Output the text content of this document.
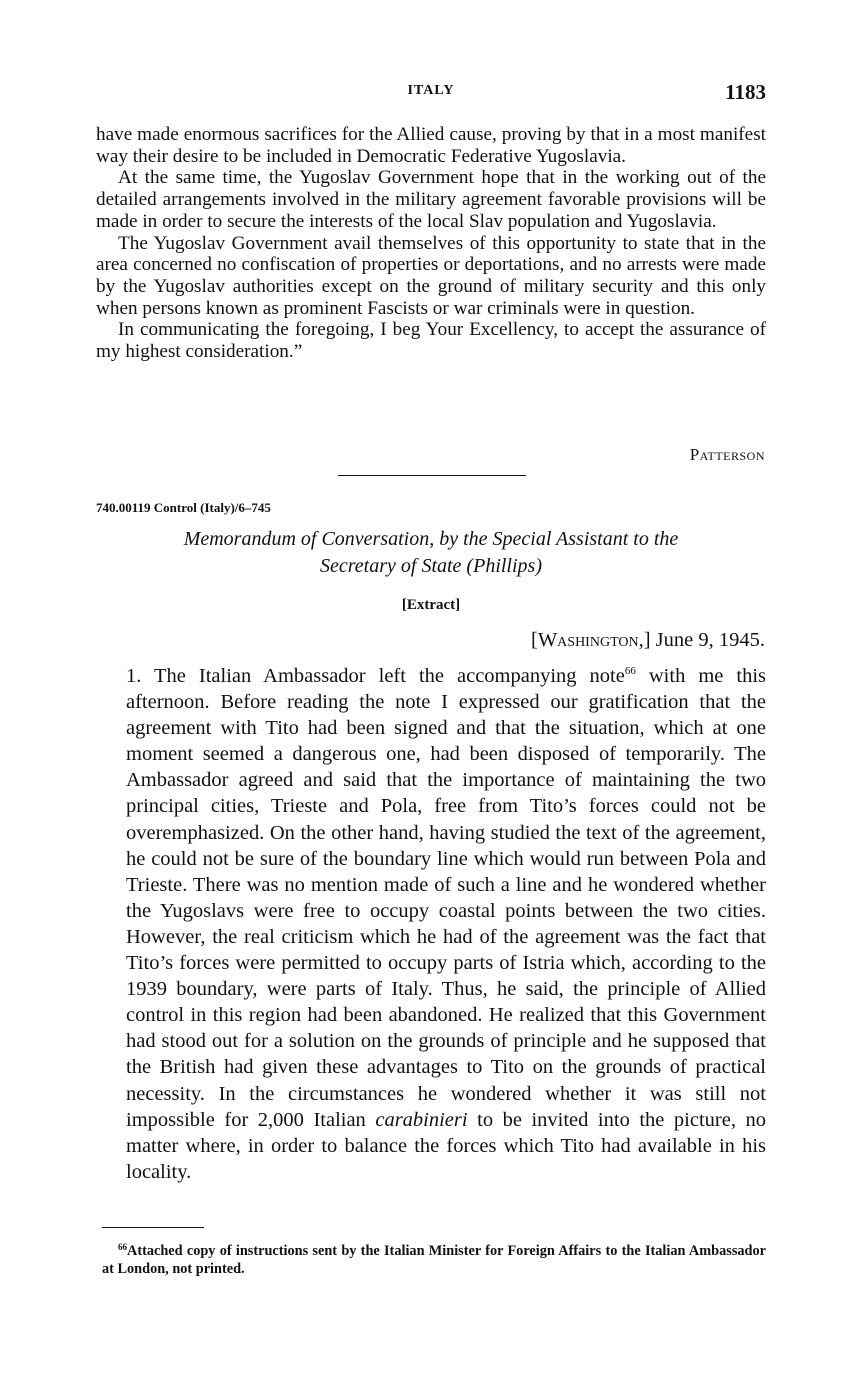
ITALY	1183

have made enormous sacrifices for the Allied cause, proving by that in a most manifest way their desire to be included in Democratic Federative Yugoslavia.

At the same time, the Yugoslav Government hope that in the working out of the detailed arrangements involved in the military agreement favorable provisions will be made in order to secure the interests of the local Slav population and Yugoslavia.

The Yugoslav Government avail themselves of this opportunity to state that in the area concerned no confiscation of properties or deportations, and no arrests were made by the Yugoslav authorities except on the ground of military security and this only when persons known as prominent Fascists or war criminals were in question.

In communicating the foregoing, I beg Your Excellency, to accept the assurance of my highest consideration.”

Patterson
740.00119 Control (Italy)/6–745
Memorandum of Conversation, by the Special Assistant to the
Secretary of State (Phillips)
[Extract]
[Washington,] June 9, 1945.

1. The Italian Ambassador left the accompanying note$^{66}$ with me this afternoon. Before reading the note I expressed our gratification that the agreement with Tito had been signed and that the situation, which at one moment seemed a dangerous one, had been disposed of temporarily. The Ambassador agreed and said that the importance of maintaining the two principal cities, Trieste and Pola, free from Tito’s forces could not be overemphasized. On the other hand, having studied the text of the agreement, he could not be sure of the boundary line which would run between Pola and Trieste. There was no mention made of such a line and he wondered whether the Yugoslavs were free to occupy coastal points between the two cities. However, the real criticism which he had of the agreement was the fact that Tito’s forces were permitted to occupy parts of Istria which, according to the 1939 boundary, were parts of Italy. Thus, he said, the principle of Allied control in this region had been abandoned. He realized that this Government had stood out for a solution on the grounds of principle and he supposed that the British had given these advantages to Tito on the grounds of practical necessity. In the circumstances he wondered whether it was still not impossible for 2,000 Italian carabinieri to be invited into the picture, no matter where, in order to balance the forces which Tito had available in his locality.

$^{66}$Attached copy of instructions sent by the Italian Minister for Foreign Affairs to the Italian Ambassador at London, not printed.
